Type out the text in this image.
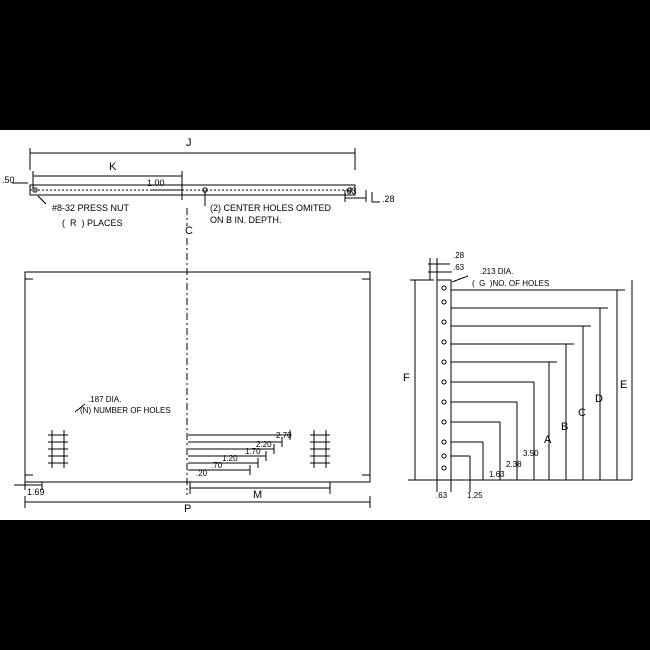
J
K
.50	1.00
.63
.28
#8-32 PRESS NUT
(  R  ) PLACES
(2) CENTER HOLES OMITED
ON B IN. DEPTH.
C
.187 DIA.
(N) NUMBER OF HOLES
1.69	M
P
.20
.70
1.20
1.70
2.20
2.70
.28
.63 .213 DIA.
(  G  )NO. OF HOLES
F
E
D
C
B
A
3.50
2.38
1.63
1.25
.63
